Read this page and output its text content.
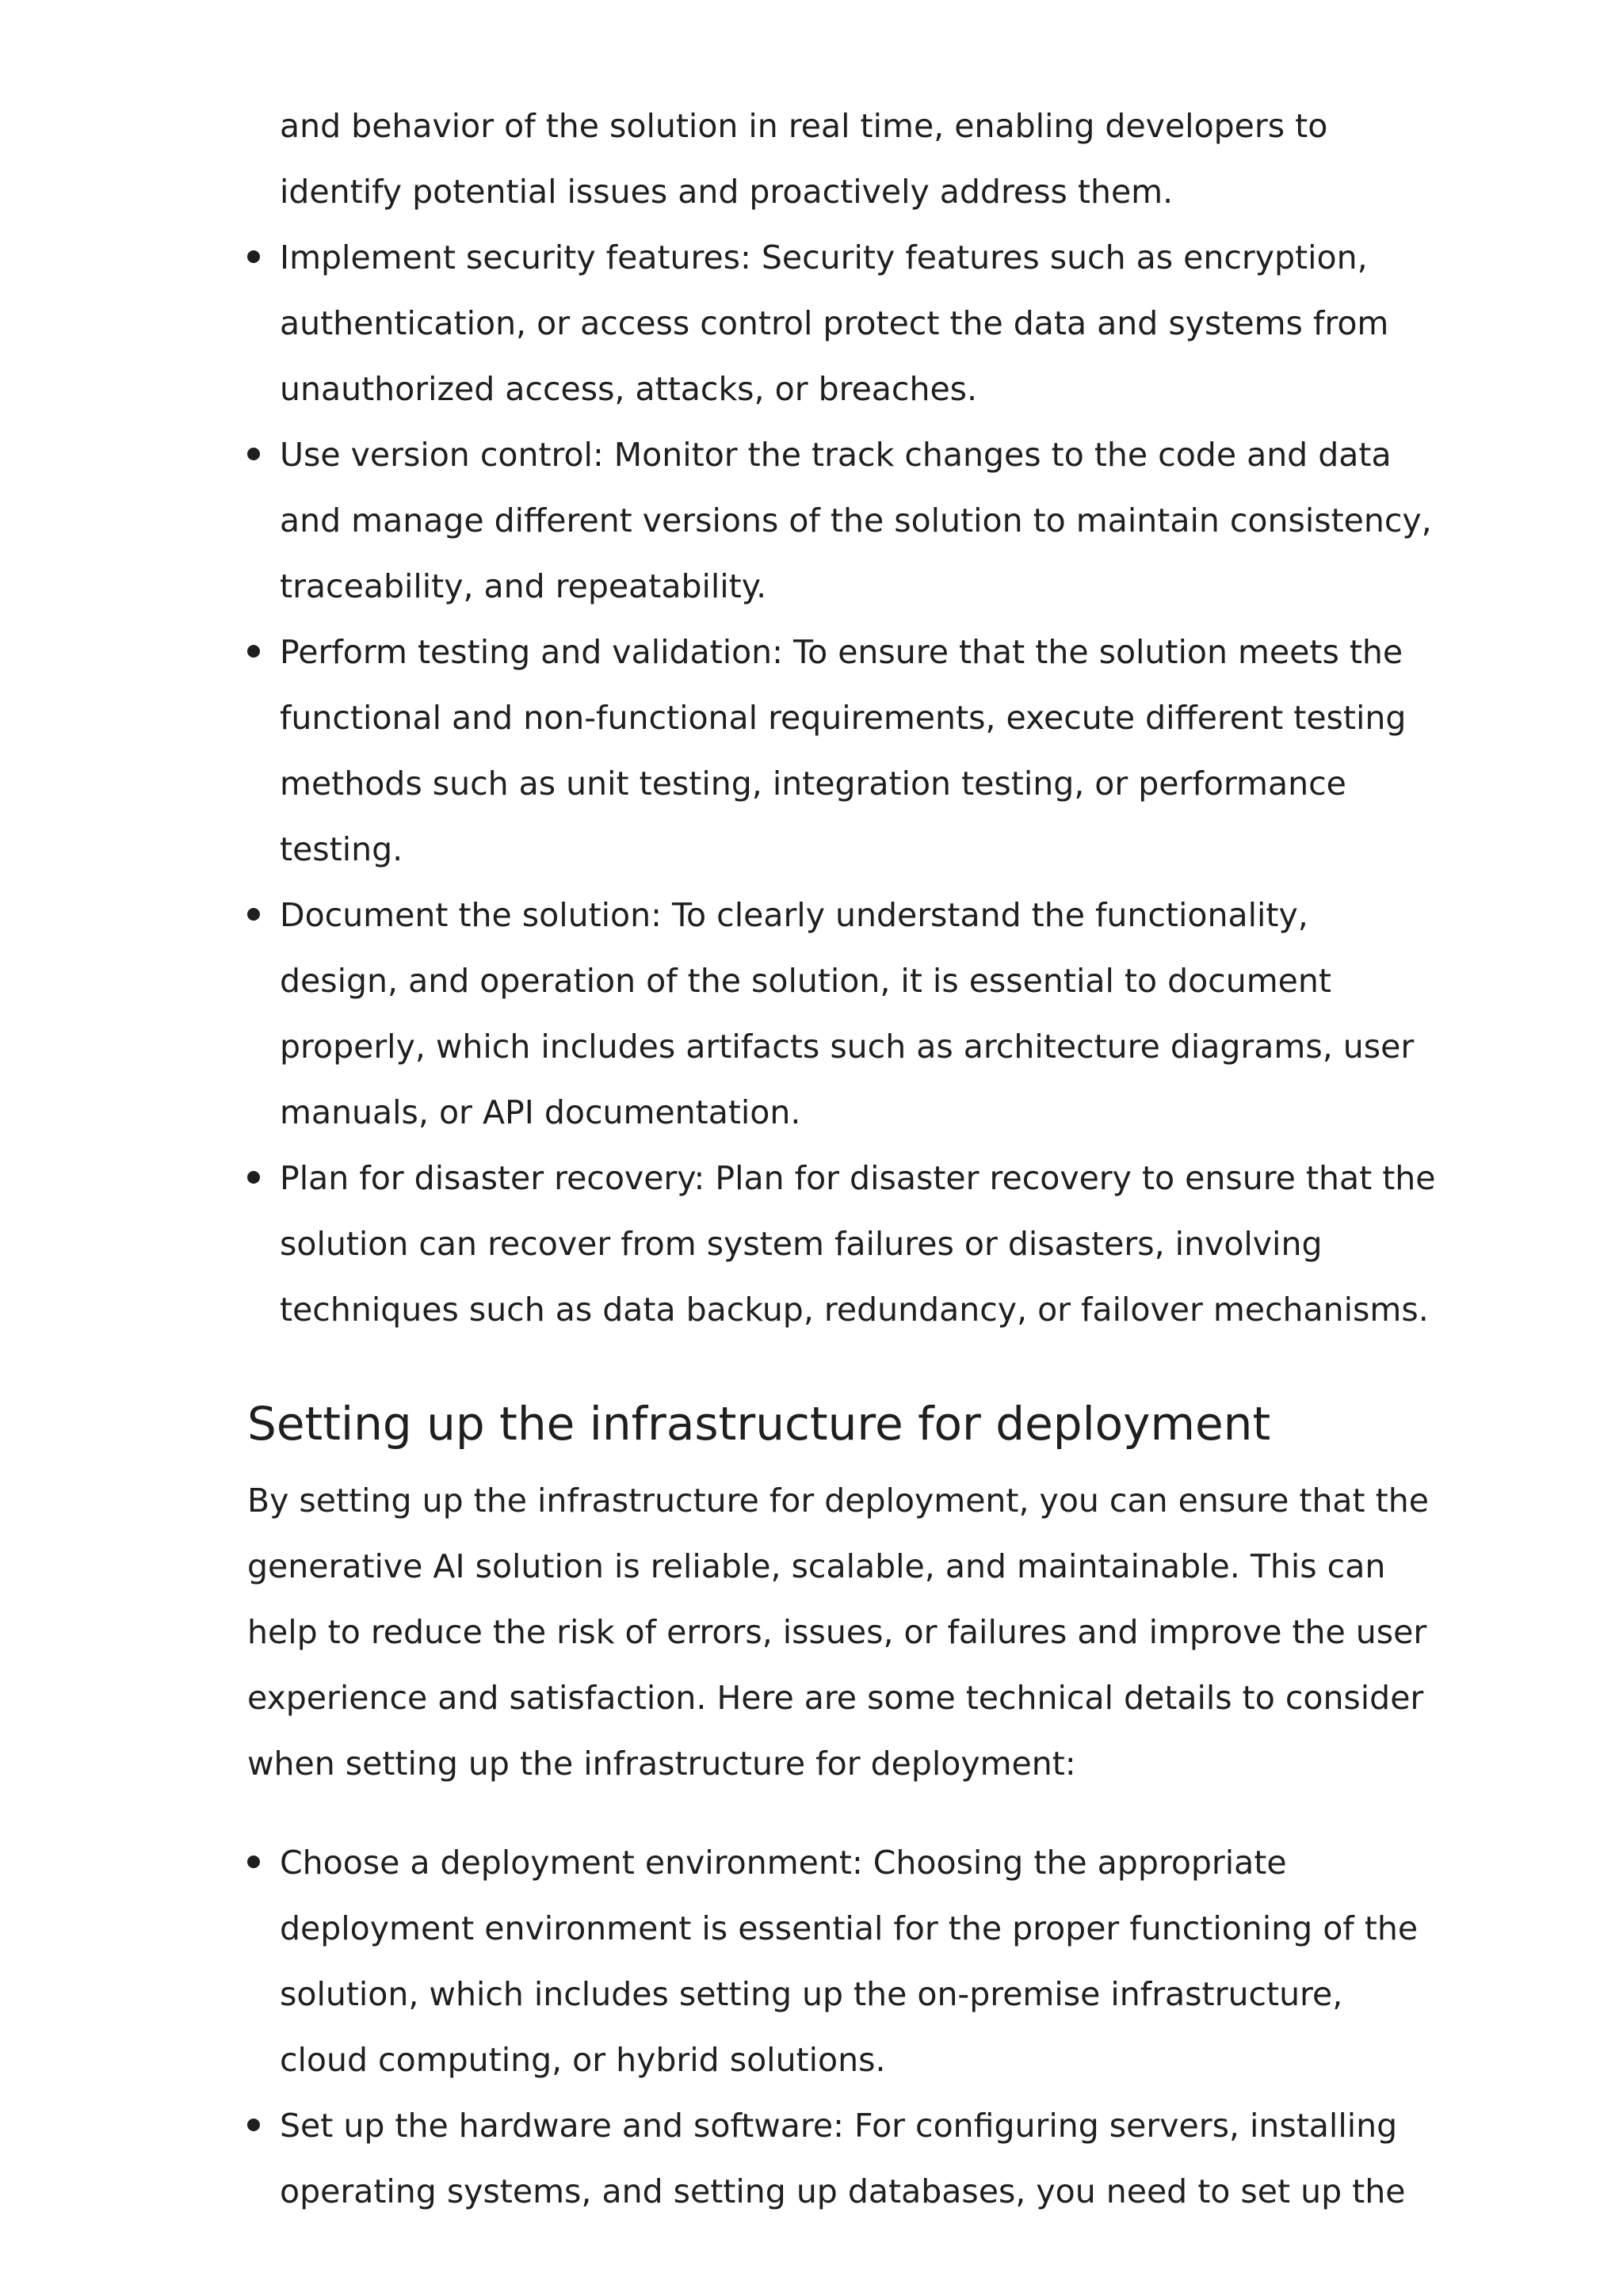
and behavior of the solution in real time, enabling developers to identify potential issues and proactively address them.
Implement security features: Security features such as encryption, authentication, or access control protect the data and systems from unauthorized access, attacks, or breaches.
Use version control: Monitor the track changes to the code and data and manage different versions of the solution to maintain consistency, traceability, and repeatability.
Perform testing and validation: To ensure that the solution meets the functional and non-functional requirements, execute different testing methods such as unit testing, integration testing, or performance testing.
Document the solution: To clearly understand the functionality, design, and operation of the solution, it is essential to document properly, which includes artifacts such as architecture diagrams, user manuals, or API documentation.
Plan for disaster recovery: Plan for disaster recovery to ensure that the solution can recover from system failures or disasters, involving techniques such as data backup, redundancy, or failover mechanisms.
Setting up the infrastructure for deployment

By setting up the infrastructure for deployment, you can ensure that the generative AI solution is reliable, scalable, and maintainable. This can help to reduce the risk of errors, issues, or failures and improve the user experience and satisfaction. Here are some technical details to consider when setting up the infrastructure for deployment:

Choose a deployment environment: Choosing the appropriate deployment environment is essential for the proper functioning of the solution, which includes setting up the on-premise infrastructure, cloud computing, or hybrid solutions.
Set up the hardware and software: For configuring servers, installing operating systems, and setting up databases, you need to set up the
